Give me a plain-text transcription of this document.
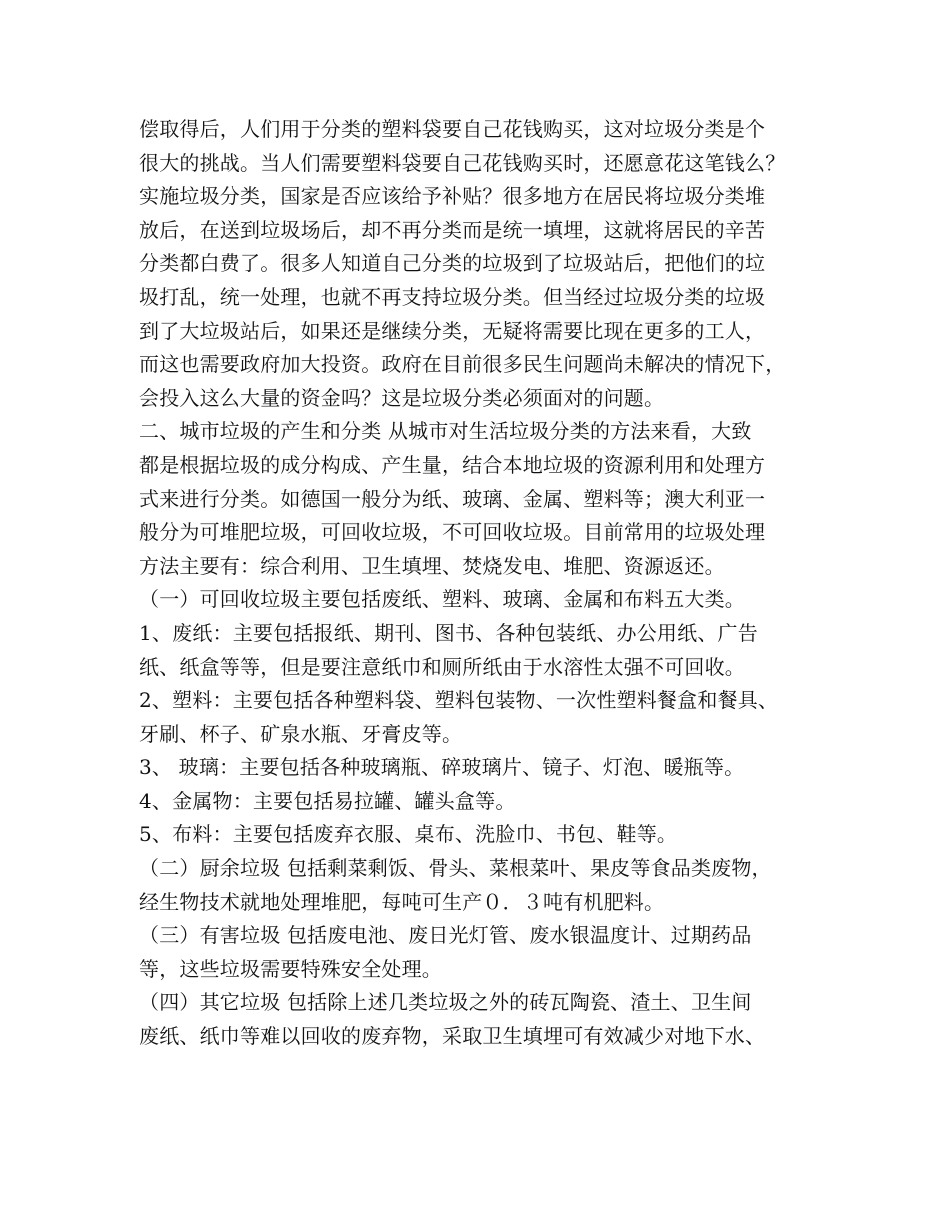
偿取得后，人们用于分类的塑料袋要自己花钱购买，这对垃圾分类是个
很大的挑战。当人们需要塑料袋要自己花钱购买时，还愿意花这笔钱么？
实施垃圾分类，国家是否应该给予补贴？很多地方在居民将垃圾分类堆
放后，在送到垃圾场后，却不再分类而是统一填埋，这就将居民的辛苦
分类都白费了。很多人知道自己分类的垃圾到了垃圾站后，把他们的垃
圾打乱，统一处理，也就不再支持垃圾分类。但当经过垃圾分类的垃圾
到了大垃圾站后，如果还是继续分类，无疑将需要比现在更多的工人，
而这也需要政府加大投资。政府在目前很多民生问题尚未解决的情况下，
会投入这么大量的资金吗？这是垃圾分类必须面对的问题。
二、城市垃圾的产生和分类 从城市对生活垃圾分类的方法来看，大致
都是根据垃圾的成分构成、产生量，结合本地垃圾的资源利用和处理方
式来进行分类。如德国一般分为纸、玻璃、金属、塑料等；澳大利亚一
般分为可堆肥垃圾，可回收垃圾，不可回收垃圾。目前常用的垃圾处理
方法主要有：综合利用、卫生填埋、焚烧发电、堆肥、资源返还。
（一）可回收垃圾主要包括废纸、塑料、玻璃、金属和布料五大类。
1、废纸：主要包括报纸、期刊、图书、各种包装纸、办公用纸、广告
纸、纸盒等等，但是要注意纸巾和厕所纸由于水溶性太强不可回收。
2、塑料：主要包括各种塑料袋、塑料包装物、一次性塑料餐盒和餐具、
牙刷、杯子、矿泉水瓶、牙膏皮等。
3、 玻璃：主要包括各种玻璃瓶、碎玻璃片、镜子、灯泡、暖瓶等。
4、金属物：主要包括易拉罐、罐头盒等。
5、布料：主要包括废弃衣服、桌布、洗脸巾、书包、鞋等。
（二）厨余垃圾 包括剩菜剩饭、骨头、菜根菜叶、果皮等食品类废物，
经生物技术就地处理堆肥，每吨可生产０．３吨有机肥料。
（三）有害垃圾 包括废电池、废日光灯管、废水银温度计、过期药品
等，这些垃圾需要特殊安全处理。
（四）其它垃圾 包括除上述几类垃圾之外的砖瓦陶瓷、渣土、卫生间
废纸、纸巾等难以回收的废弃物，采取卫生填埋可有效减少对地下水、
